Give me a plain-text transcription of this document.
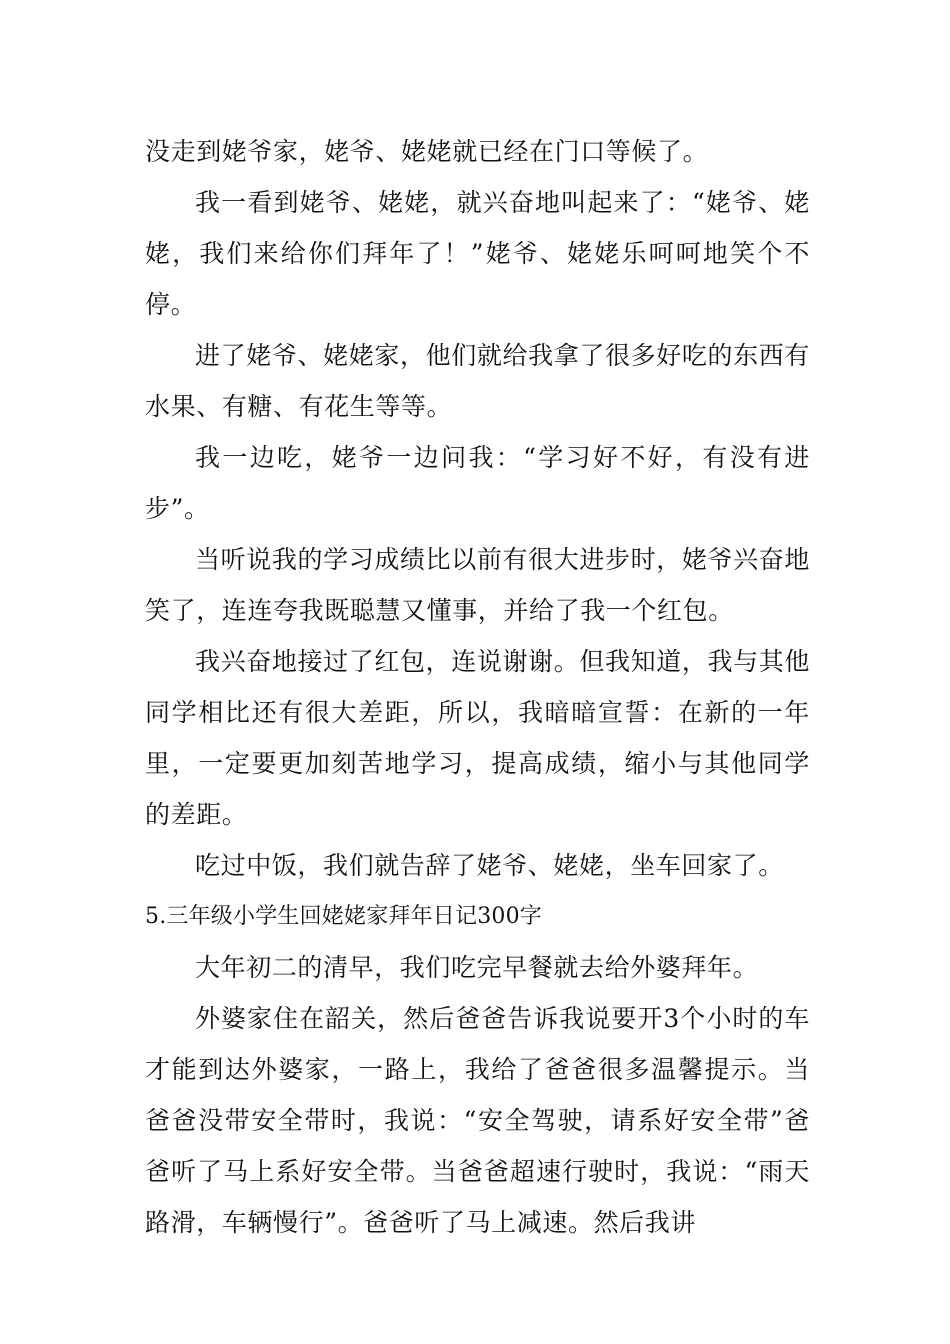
没走到姥爷家，姥爷、姥姥就已经在门口等候了。

我一看到姥爷、姥姥，就兴奋地叫起来了：“姥爷、姥姥，我们来给你们拜年了！”姥爷、姥姥乐呵呵地笑个不停。

进了姥爷、姥姥家，他们就给我拿了很多好吃的东西有水果、有糖、有花生等等。

我一边吃，姥爷一边问我：“学习好不好，有没有进步”。

当听说我的学习成绩比以前有很大进步时，姥爷兴奋地笑了，连连夸我既聪慧又懂事，并给了我一个红包。

我兴奋地接过了红包，连说谢谢。但我知道，我与其他同学相比还有很大差距，所以，我暗暗宣誓：在新的一年里，一定要更加刻苦地学习，提高成绩，缩小与其他同学的差距。

吃过中饭，我们就告辞了姥爷、姥姥，坐车回家了。

5.三年级小学生回姥姥家拜年日记300字

大年初二的清早，我们吃完早餐就去给外婆拜年。

外婆家住在韶关，然后爸爸告诉我说要开3个小时的车才能到达外婆家，一路上，我给了爸爸很多温馨提示。当爸爸没带安全带时，我说：“安全驾驶，请系好安全带”爸爸听了马上系好安全带。当爸爸超速行驶时，我说：“雨天路滑，车辆慢行”。爸爸听了马上减速。然后我讲
